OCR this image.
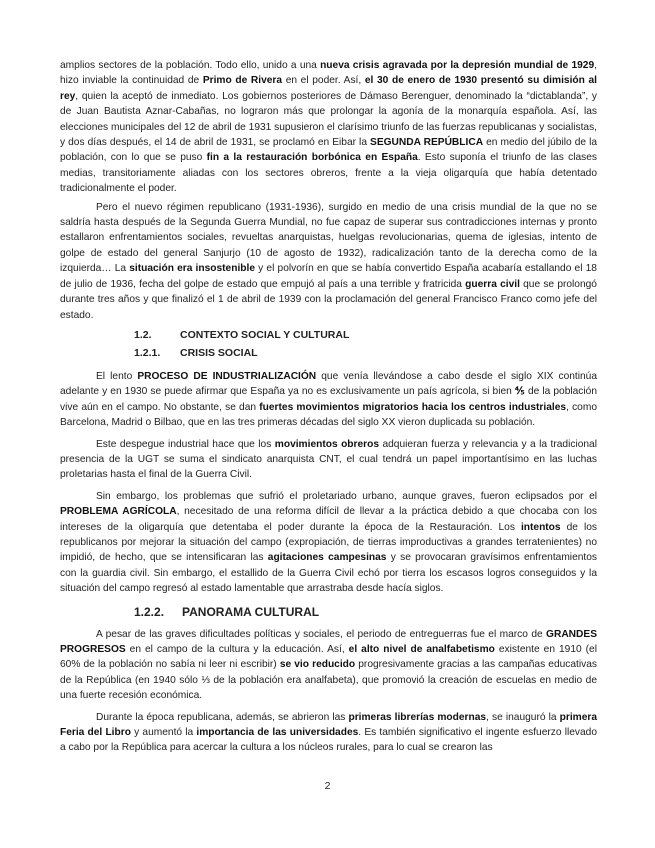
amplios sectores de la población. Todo ello, unido a una nueva crisis agravada por la depresión mundial de 1929, hizo inviable la continuidad de Primo de Rivera en el poder. Así, el 30 de enero de 1930 presentó su dimisión al rey, quien la aceptó de inmediato. Los gobiernos posteriores de Dámaso Berenguer, denominado la “dictablanda”, y de Juan Bautista Aznar-Cabañas, no lograron más que prolongar la agonía de la monarquía española. Así, las elecciones municipales del 12 de abril de 1931 supusieron el clarísimo triunfo de las fuerzas republicanas y socialistas, y dos días después, el 14 de abril de 1931, se proclamó en Eibar la SEGUNDA REPÚBLICA en medio del júbilo de la población, con lo que se puso fin a la restauración borbónica en España. Esto suponía el triunfo de las clases medias, transitoriamente aliadas con los sectores obreros, frente a la vieja oligarquía que había detentado tradicionalmente el poder.

Pero el nuevo régimen republicano (1931-1936), surgido en medio de una crisis mundial de la que no se saldría hasta después de la Segunda Guerra Mundial, no fue capaz de superar sus contradicciones internas y pronto estallaron enfrentamientos sociales, revueltas anarquistas, huelgas revolucionarias, quema de iglesias, intento de golpe de estado del general Sanjurjo (10 de agosto de 1932), radicalización tanto de la derecha como de la izquierda… La situación era insostenible y el polvorín en que se había convertido España acabaría estallando el 18 de julio de 1936, fecha del golpe de estado que empujó al país a una terrible y fratricida guerra civil que se prolongó durante tres años y que finalizó el 1 de abril de 1939 con la proclamación del general Francisco Franco como jefe del estado.

1.2.	CONTEXTO SOCIAL Y CULTURAL
1.2.1. CRISIS SOCIAL

El lento PROCESO DE INDUSTRIALIZACIÓN que venía llevándose a cabo desde el siglo XIX continúa adelante y en 1930 se puede afirmar que España ya no es exclusivamente un país agrícola, si bien ⅘ de la población vive aún en el campo. No obstante, se dan fuertes movimientos migratorios hacia los centros industriales, como Barcelona, Madrid o Bilbao, que en las tres primeras décadas del siglo XX vieron duplicada su población.

Este despegue industrial hace que los movimientos obreros adquieran fuerza y relevancia y a la tradicional presencia de la UGT se suma el sindicato anarquista CNT, el cual tendrá un papel importantísimo en las luchas proletarias hasta el final de la Guerra Civil.

Sin embargo, los problemas que sufrió el proletariado urbano, aunque graves, fueron eclipsados por el PROBLEMA AGRÍCOLA, necesitado de una reforma difícil de llevar a la práctica debido a que chocaba con los intereses de la oligarquía que detentaba el poder durante la época de la Restauración. Los intentos de los republicanos por mejorar la situación del campo (expropiación, de tierras improductivas a grandes terratenientes) no impidió, de hecho, que se intensificaran las agitaciones campesinas y se provocaran gravísimos enfrentamientos con la guardia civil. Sin embargo, el estallido de la Guerra Civil echó por tierra los escasos logros conseguidos y la situación del campo regresó al estado lamentable que arrastraba desde hacía siglos.

1.2.2. PANORAMA CULTURAL

A pesar de las graves dificultades políticas y sociales, el periodo de entreguerras fue el marco de GRANDES PROGRESOS en el campo de la cultura y la educación. Así, el alto nivel de analfabetismo existente en 1910 (el 60% de la población no sabía ni leer ni escribir) se vio reducido progresivamente gracias a las campañas educativas de la República (en 1940 sólo ⅓ de la población era analfabeta), que promovió la creación de escuelas en medio de una fuerte recesión económica.

Durante la época republicana, además, se abrieron las primeras librerías modernas, se inauguró la primera Feria del Libro y aumentó la importancia de las universidades. Es también significativo el ingente esfuerzo llevado a cabo por la República para acercar la cultura a los núcleos rurales, para lo cual se crearon las

2
